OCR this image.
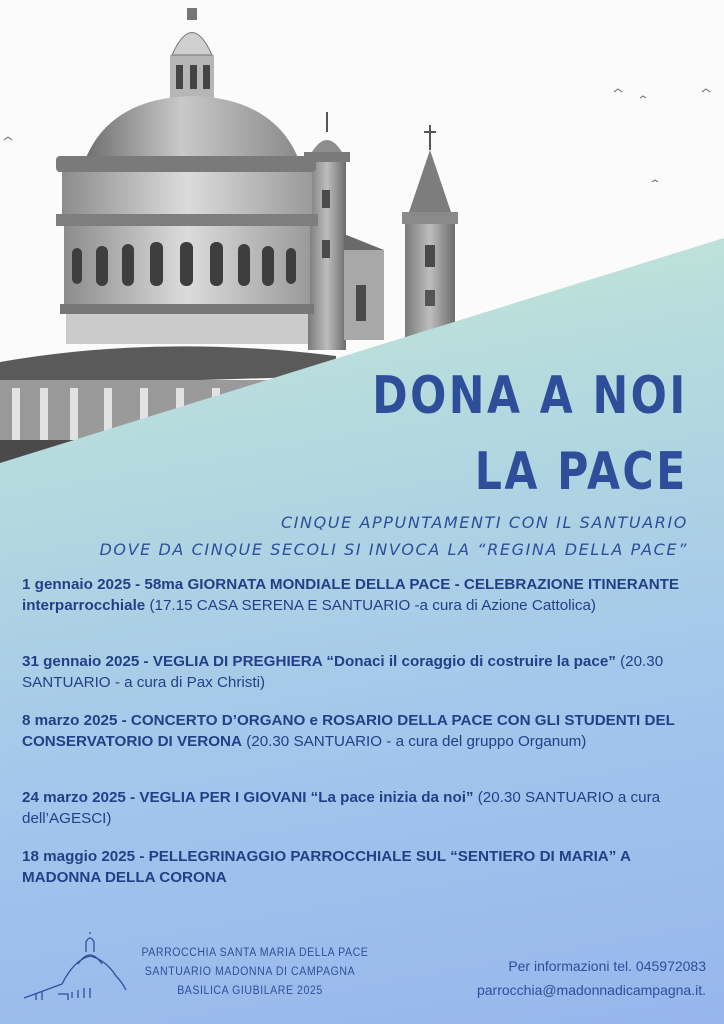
DONA A NOI
LA PACE

CINQUE APPUNTAMENTI CON IL SANTUARIO

DOVE DA CINQUE SECOLI SI INVOCA LA “REGINA DELLA PACE”

1 gennaio 2025 - 58ma GIORNATA MONDIALE DELLA PACE - CELEBRAZIONE ITINERANTE interparrocchiale (17.15 CASA SERENA E SANTUARIO -a cura di Azione Cattolica)

31 gennaio 2025 - VEGLIA DI PREGHIERA “Donaci il coraggio di costruire la pace” (20.30 SANTUARIO - a cura di Pax Christi)

8 marzo 2025 - CONCERTO D’ORGANO e ROSARIO DELLA PACE CON GLI STUDENTI DEL CONSERVATORIO DI VERONA (20.30 SANTUARIO - a cura del gruppo Organum)

24 marzo 2025 - VEGLIA PER I GIOVANI “La pace inizia da noi” (20.30 SANTUARIO a cura dell’AGESCI)

18 maggio 2025 - PELLEGRINAGGIO PARROCCHIALE SUL “SENTIERO DI MARIA” A MADONNA DELLA CORONA

PARROCCHIA SANTA MARIA DELLA PACE
SANTUARIO MADONNA DI CAMPAGNA
BASILICA GIUBILARE 2025
Per informazioni tel. 045972083
parrocchia@madonnadicampagna.it.
